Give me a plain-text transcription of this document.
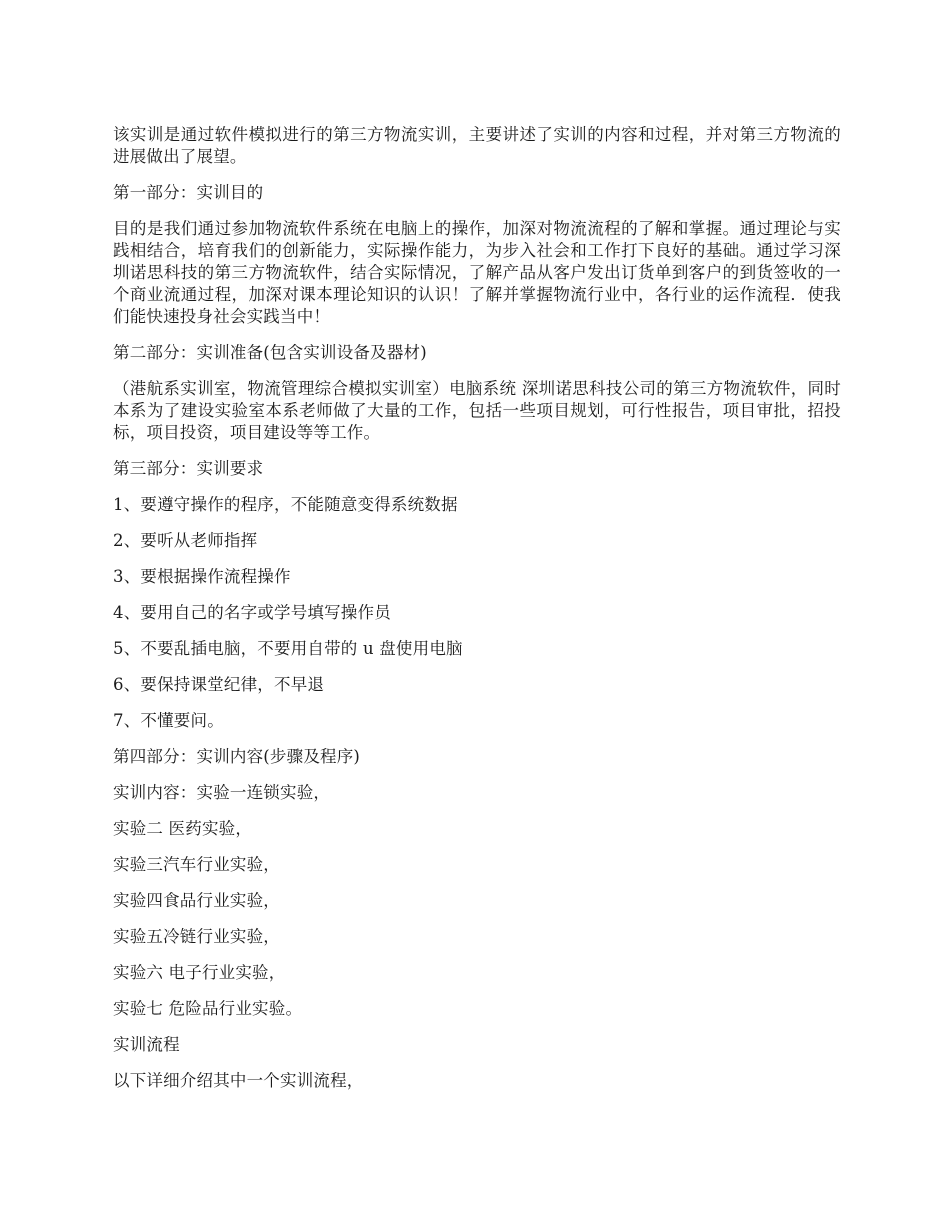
该实训是通过软件模拟进行的第三方物流实训，主要讲述了实训的内容和过程，并对第三方物流的进展做出了展望。

第一部分：实训目的

目的是我们通过参加物流软件系统在电脑上的操作，加深对物流流程的了解和掌握。通过理论与实践相结合，培育我们的创新能力，实际操作能力，为步入社会和工作打下良好的基础。通过学习深圳诺思科技的第三方物流软件，结合实际情况，了解产品从客户发出订货单到客户的到货签收的一个商业流通过程，加深对课本理论知识的认识！了解并掌握物流行业中，各行业的运作流程．使我们能快速投身社会实践当中！

第二部分：实训准备(包含实训设备及器材)

（港航系实训室，物流管理综合模拟实训室）电脑系统 深圳诺思科技公司的第三方物流软件，同时本系为了建设实验室本系老师做了大量的工作，包括一些项目规划，可行性报告，项目审批，招投标，项目投资，项目建设等等工作。

第三部分：实训要求

1、要遵守操作的程序，不能随意变得系统数据

2、要听从老师指挥

3、要根据操作流程操作

4、要用自己的名字或学号填写操作员

5、不要乱插电脑，不要用自带的 u 盘使用电脑

6、要保持课堂纪律，不早退

7、不懂要问。

第四部分：实训内容(步骤及程序)

实训内容：实验一连锁实验，

实验二 医药实验，

实验三汽车行业实验，

实验四食品行业实验，

实验五冷链行业实验，

实验六 电子行业实验，

实验七 危险品行业实验。

实训流程

以下详细介绍其中一个实训流程，
